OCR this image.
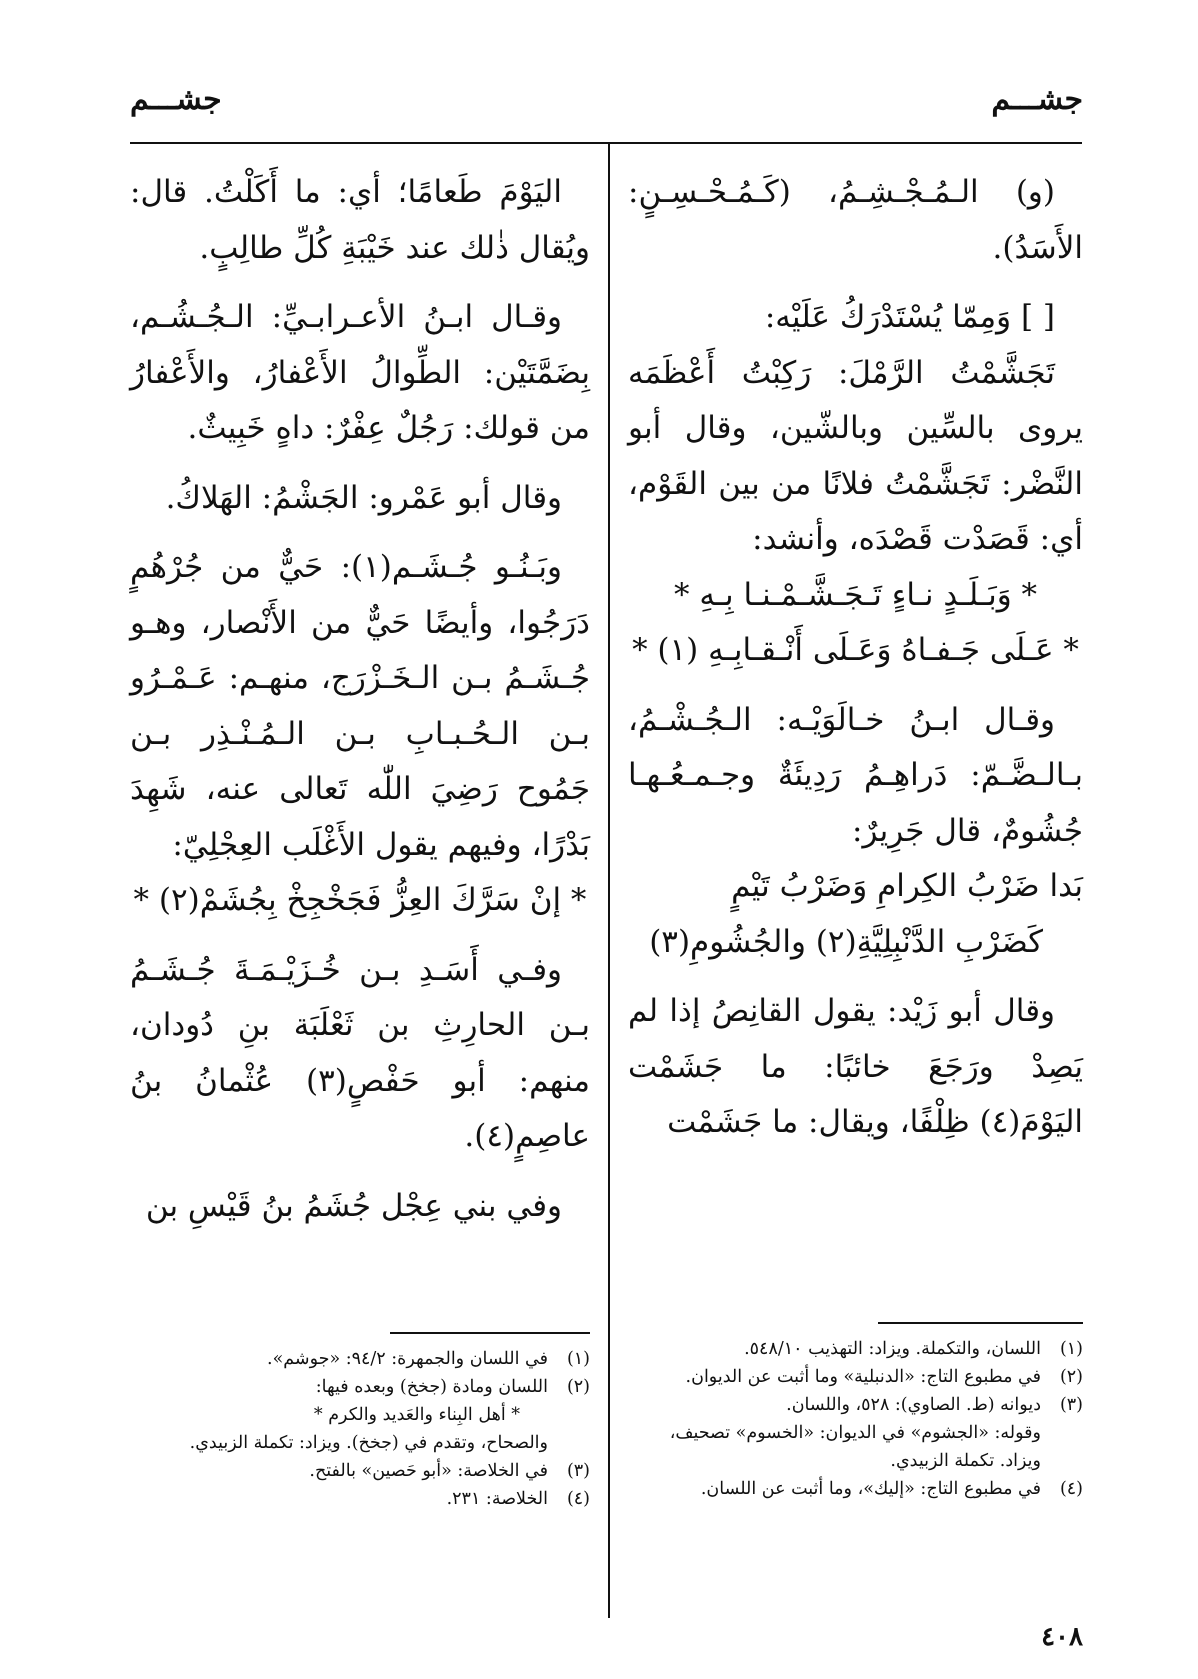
جشـــم
جشـــم

(و) الـمُـجْـشِـمُ، (كَـمُـحْـسِـنٍ: الأَسَدُ).

[ ] وَمِمّا يُسْتَدْرَكُ عَلَيْه:

تَجَشَّمْتُ الرَّمْلَ: رَكِبْتُ أَعْظَمَه يروى بالسِّين وبالشّين، وقال أبو النَّضْر: تَجَشَّمْتُ فلانًا من بين القَوْم، أي: قَصَدْت قَصْدَه، وأنشد:

* وَبَـلَـدٍ نـاءٍ تَـجَـشَّـمْـنـا بِـهِ *

* عَـلَى جَـفـاهُ وَعَـلَى أَنْـقـابِـهِ (١) *

وقـال ابـنُ خـالَوَيْـه: الـجُـشْـمُ، بـالـضَّـمّ: دَراهِـمُ رَدِيئَةٌ وجـمـعُـهـا جُشُومٌ، قال جَرِيرٌ:

بَدا ضَرْبُ الكِرامِ وَضَرْبُ تَيْمٍ

كَضَرْبِ الدَّنْبِلِيَّةِ(٢) والجُشُومِ(٣)

وقال أبو زَيْد: يقول القانِصُ إذا لم يَصِدْ ورَجَعَ خائبًا: ما جَشَمْت اليَوْمَ(٤) ظِلْفًا، ويقال: ما جَشَمْت

اليَوْمَ طَعامًا؛ أي: ما أَكَلْتُ. قال: ويُقال ذٰلك عند خَيْبَةِ كُلِّ طالِبٍ.

وقـال ابـنُ الأعـرابـيِّ: الـجُـشُـم، بِضَمَّتَيْن: الطِّوالُ الأَعْفارُ، والأَعْفارُ من قولك: رَجُلٌ عِفْرٌ: داهٍ خَبِيثٌ.

وقال أبو عَمْرو: الجَشْمُ: الهَلاكُ.

وبَـنُـو جُـشَـم(١): حَيٌّ من جُرْهُمٍ دَرَجُوا، وأيضًا حَيٌّ من الأَنْصار، وهـو جُـشَـمُ بـن الـخَـزْرَج، منهـم: عَـمْـرُو بـن الـحُـبـابِ بـن الـمُـنْـذِر بـن جَمُوح رَضِيَ اللّٰه تَعالى عنه، شَهِدَ بَدْرًا، وفيهم يقول الأَغْلَب العِجْلِيّ:

* إنْ سَرَّكَ العِزُّ فَجَخْجِخْ بِجُشَمْ(٢) *

وفـي أَسَـدِ بـن خُـزَيْـمَـةَ جُـشَـمُ بـن الحارِثِ بن ثَعْلَبَة بنِ دُودان، منهم: أبو حَفْصٍ(٣) عُثْمانُ بنُ عاصِمٍ(٤).

وفي بني عِجْل جُشَمُ بنُ قَيْسِ بن

(١)
اللسان، والتكملة. ويزاد: التهذيب ٥٤٨/١٠.

(٢)
في مطبوع التاج: «الدنبلية» وما أثبت عن الديوان.

(٣)
ديوانه (ط. الصاوي): ٥٢٨، واللسان.

وقوله: «الجشوم» في الديوان: «الخسوم» تصحيف، ويزاد. تكملة الزبيدي.

(٤)
في مطبوع التاج: «إليك»، وما أثبت عن اللسان.

(١)
في اللسان والجمهرة: ٩٤/٢: «جوشم».

(٢)
اللسان ومادة (جخخ) وبعده فيها:

* أهل البِناء والعَديد والكرم *

والصحاح، وتقدم في (جخخ). ويزاد: تكملة الزبيدي.

(٣)
في الخلاصة: «أبو حَصين» بالفتح.

(٤)
الخلاصة: ٢٣١.

٤٠٨
